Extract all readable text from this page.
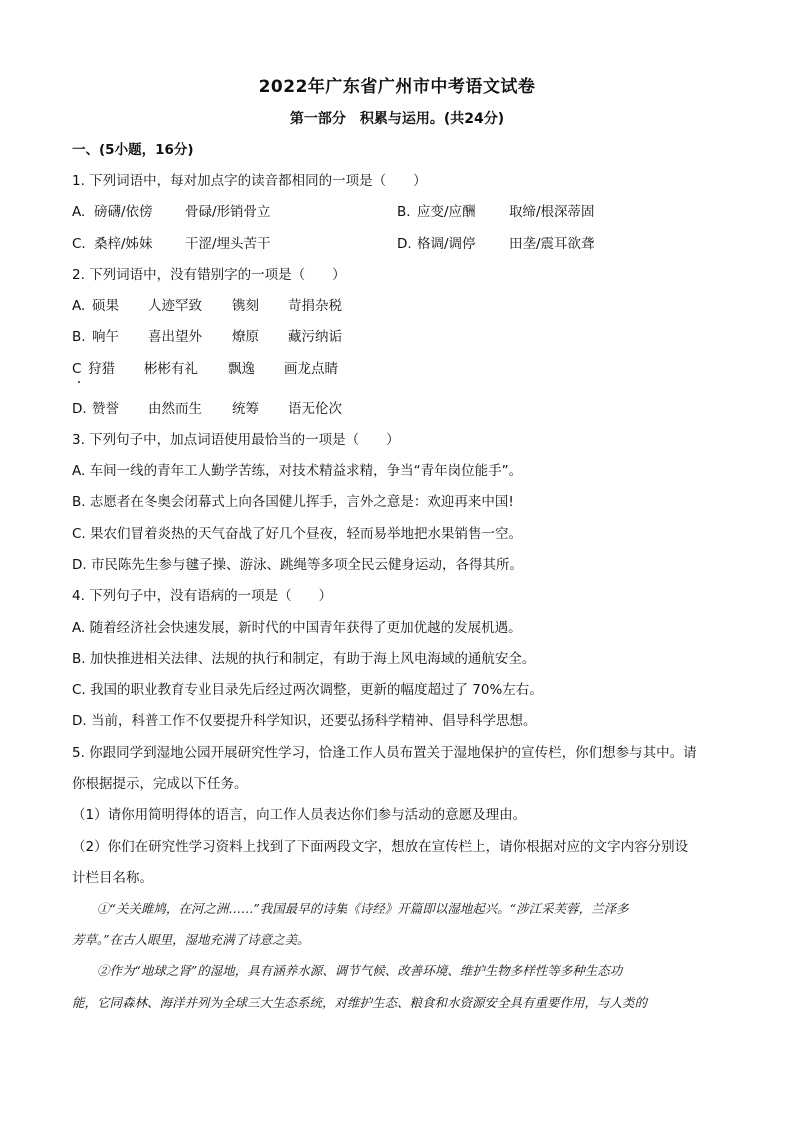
2022年广东省广州市中考语文试卷
第一部分　积累与运用。(共24分)
一、(5小题，16分)
1. 下列词语中，每对加点字的读音都相同的一项是（　　）
A. 磅礴/依傍 骨碌/形销骨立	B. 应变/应酬 取缔/根深蒂固
C. 桑梓/姊妹 干涩/埋头苦干	D. 格调/调停 田垄/震耳欲聋
2. 下列词语中，没有错别字的一项是（　　）
A. 硕果 人迹罕致 镌刻 苛捐杂税
B. 响午 喜出望外 燎原 藏污纳诟
C 狩猎 彬彬有礼 飘逸 画龙点睛
D. 赞誉 由然而生 统筹 语无伦次
3. 下列句子中，加点词语使用最恰当的一项是（　　）
A. 车间一线的青年工人勤学苦练，对技术精益求精，争当“青年岗位能手”。
B. 志愿者在冬奥会闭幕式上向各国健儿挥手，言外之意是：欢迎再来中国!
C. 果农们冒着炎热的天气奋战了好几个昼夜，轻而易举地把水果销售一空。
D. 市民陈先生参与毽子操、游泳、跳绳等多项全民云健身运动，各得其所。
4. 下列句子中，没有语病的一项是（　　）
A. 随着经济社会快速发展，新时代的中国青年获得了更加优越的发展机遇。
B. 加快推进相关法律、法规的执行和制定，有助于海上风电海域的通航安全。
C. 我国的职业教育专业目录先后经过两次调整，更新的幅度超过了 70%左右。
D. 当前，科普工作不仅要提升科学知识，还要弘扬科学精神、倡导科学思想。
5. 你跟同学到湿地公园开展研究性学习，恰逢工作人员布置关于湿地保护的宣传栏，你们想参与其中。请
你根据提示，完成以下任务。
（1）请你用简明得体的语言，向工作人员表达你们参与活动的意愿及理由。
（2）你们在研究性学习资料上找到了下面两段文字，想放在宣传栏上，请你根据对应的文字内容分别设
计栏目名称。
　　①“关关雎鸠，在河之洲……”我国最早的诗集《诗经》开篇即以湿地起兴。“涉江采芙蓉，兰泽多
芳草。”在古人眼里，湿地充满了诗意之美。
　　②作为“地球之肾”的湿地，具有涵养水源、调节气候、改善环境、维护生物多样性等多种生态功
能，它同森林、海洋并列为全球三大生态系统，对维护生态、粮食和水资源安全具有重要作用，与人类的
